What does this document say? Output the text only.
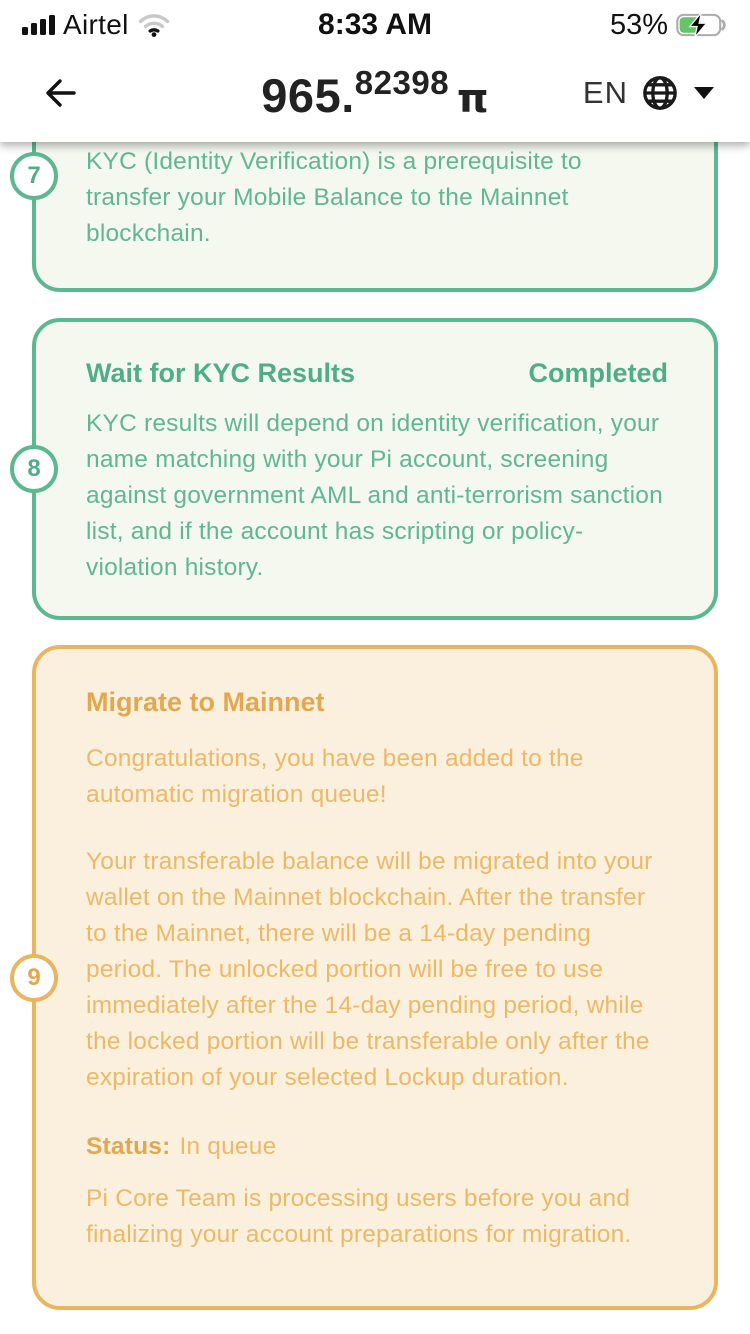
7

KYC (Identity Verification) is a prerequisite to transfer your Mobile Balance to the Mainnet blockchain.

8
Wait for KYC Results	Completed

KYC results will depend on identity verification, your name matching with your Pi account, screening against government AML and anti-terrorism sanction list, and if the account has scripting or policy-violation history.

9
Migrate to Mainnet

Congratulations, you have been added to the automatic migration queue!

Your transferable balance will be migrated into your wallet on the Mainnet blockchain. After the transfer to the Mainnet, there will be a 14-day pending period. The unlocked portion will be free to use immediately after the 14-day pending period, while the locked portion will be transferable only after the expiration of your selected Lockup duration.

Status: In queue

Pi Core Team is processing users before you and finalizing your account preparations for migration.

Airtel	8:33 AM	53%
965.82398 π	EN
